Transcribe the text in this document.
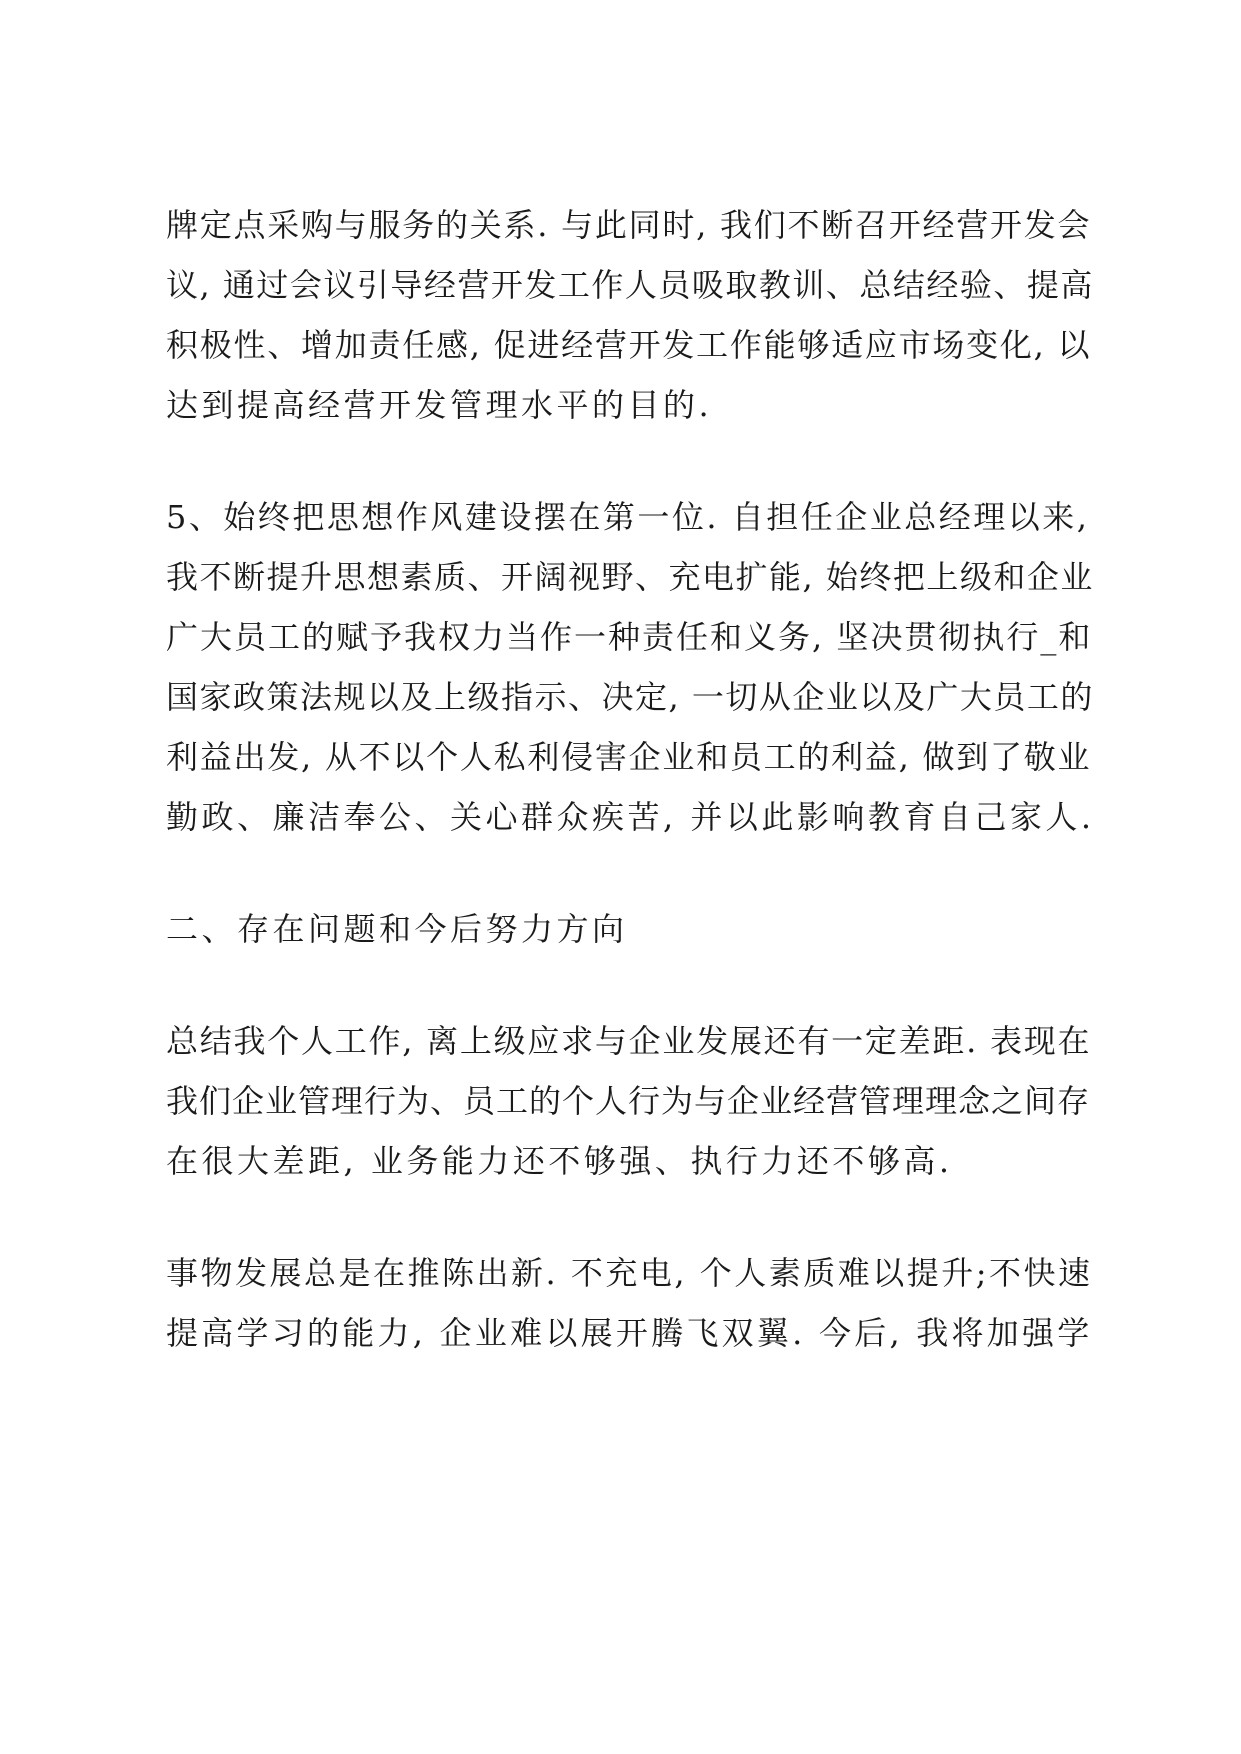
牌定点采购与服务的关系. 与此同时, 我们不断召开经营开发会
议, 通过会议引导经营开发工作人员吸取教训、总结经验、提高
积极性、增加责任感, 促进经营开发工作能够适应市场变化, 以
达到提高经营开发管理水平的目的.
5、始终把思想作风建设摆在第一位. 自担任企业总经理以来,
我不断提升思想素质、开阔视野、充电扩能, 始终把上级和企业
广大员工的赋予我权力当作一种责任和义务, 坚决贯彻执行_和
国家政策法规以及上级指示、决定, 一切从企业以及广大员工的
利益出发, 从不以个人私利侵害企业和员工的利益, 做到了敬业
勤政、廉洁奉公、关心群众疾苦, 并以此影响教育自己家人.
二、存在问题和今后努力方向
总结我个人工作, 离上级应求与企业发展还有一定差距. 表现在
我们企业管理行为、员工的个人行为与企业经营管理理念之间存
在很大差距, 业务能力还不够强、执行力还不够高.
事物发展总是在推陈出新. 不充电, 个人素质难以提升;不快速
提高学习的能力, 企业难以展开腾飞双翼. 今后, 我将加强学
